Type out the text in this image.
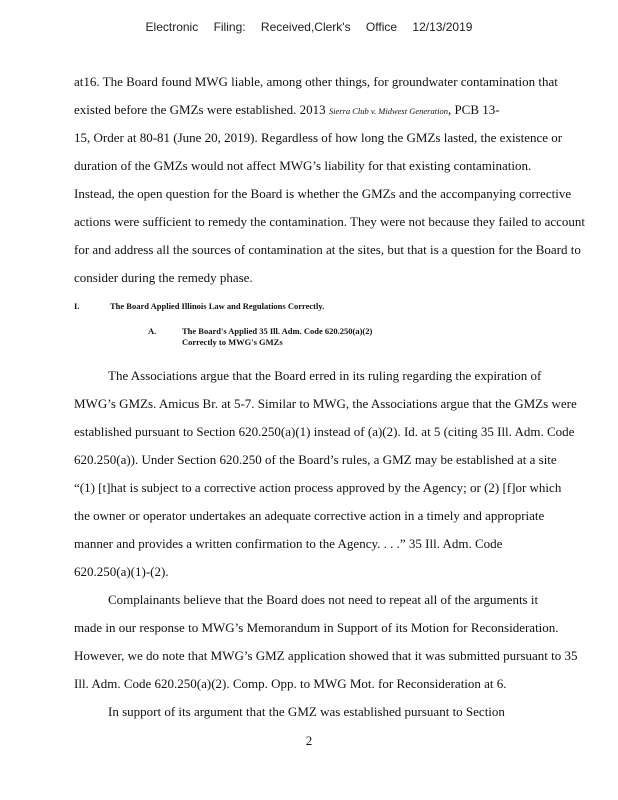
Electronic Filing: Received,Clerk's Office 12/13/2019
at16. The Board found MWG liable, among other things, for groundwater contamination that
existed before the GMZs were established. 2013 Sierra Club v. Midwest Generation, PCB 13-
15, Order at 80-81 (June 20, 2019). Regardless of how long the GMZs lasted, the existence or
duration of the GMZs would not affect MWG’s liability for that existing contamination.
Instead, the open question for the Board is whether the GMZs and the accompanying corrective
actions were sufficient to remedy the contamination. They were not because they failed to account
for and address all the sources of contamination at the sites, but that is a question for the Board to
consider during the remedy phase.
I.	The Board Applied Illinois Law and Regulations Correctly.
A.	The Board's Applied 35 Ill. Adm. Code 620.250(a)(2) Correctly to MWG's GMZs
The Associations argue that the Board erred in its ruling regarding the expiration of
MWG’s GMZs. Amicus Br. at 5-7. Similar to MWG, the Associations argue that the GMZs were
established pursuant to Section 620.250(a)(1) instead of (a)(2). Id. at 5 (citing 35 Ill. Adm. Code
620.250(a)). Under Section 620.250 of the Board’s rules, a GMZ may be established at a site
“(1) [t]hat is subject to a corrective action process approved by the Agency; or (2) [f]or which
the owner or operator undertakes an adequate corrective action in a timely and appropriate
manner and provides a written confirmation to the Agency. . . .” 35 Ill. Adm. Code
620.250(a)(1)-(2).
Complainants believe that the Board does not need to repeat all of the arguments it
made in our response to MWG’s Memorandum in Support of its Motion for Reconsideration.
However, we do note that MWG’s GMZ application showed that it was submitted pursuant to 35
Ill. Adm. Code 620.250(a)(2). Comp. Opp. to MWG Mot. for Reconsideration at 6.
In support of its argument that the GMZ was established pursuant to Section
2
